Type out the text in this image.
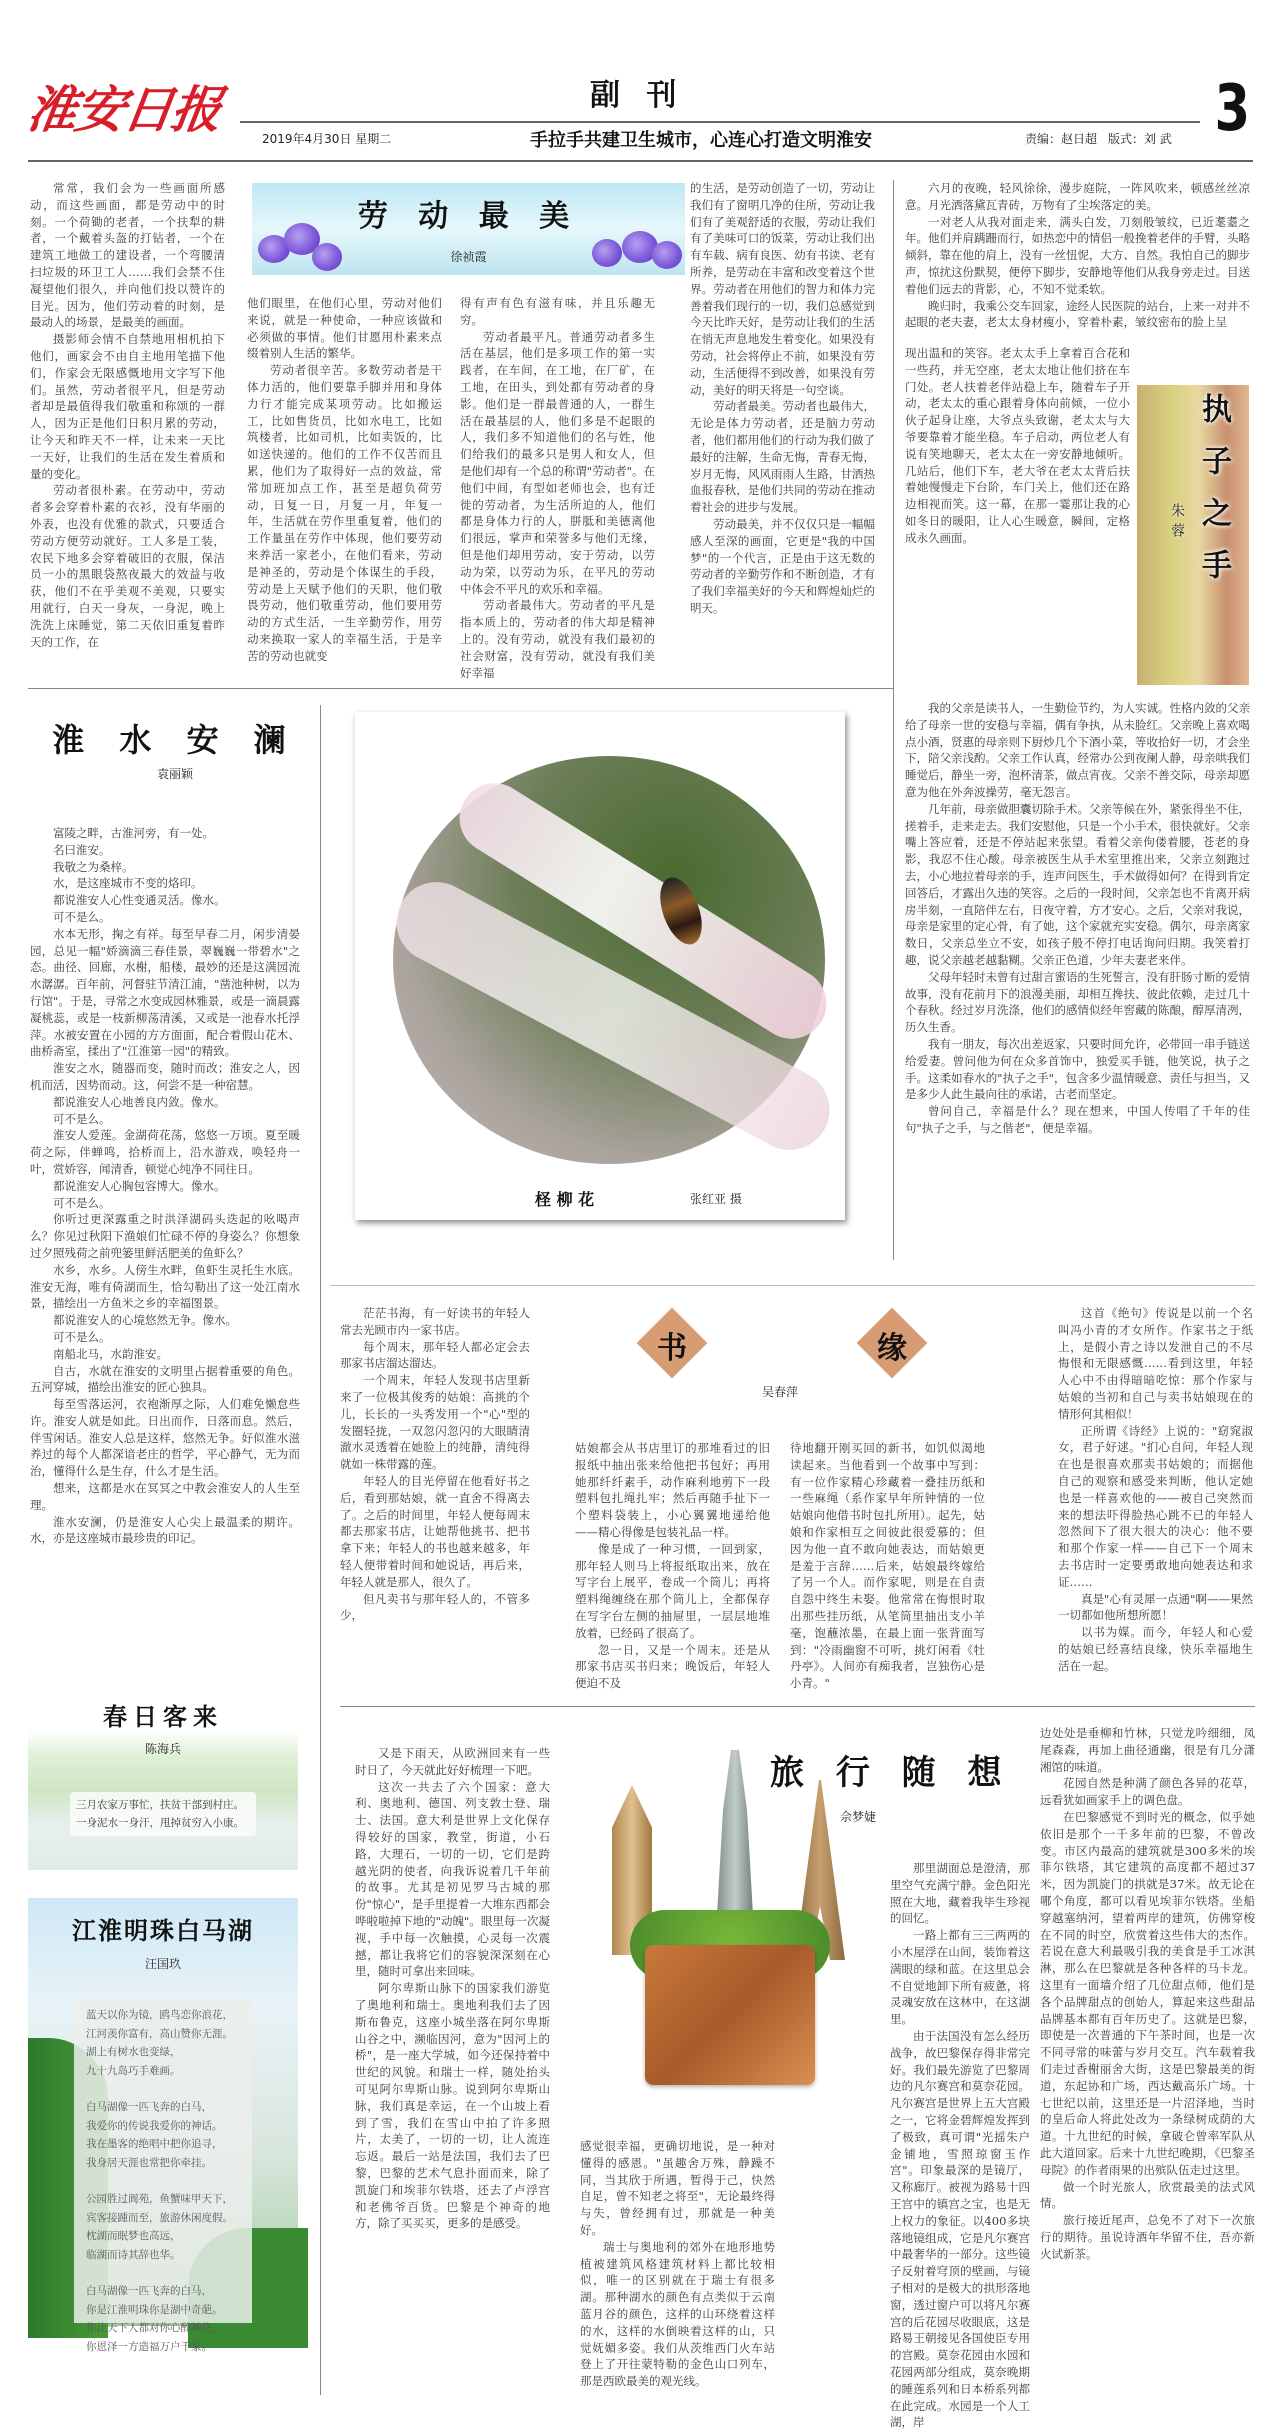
淮安日报	副 刊
2019年4月30日 星期二	手拉手共建卫生城市，心连心打造文明淮安	责编：赵日超 版式：刘 武 3

常常，我们会为一些画面所感动，而这些画面，都是劳动中的时刻。一个荷锄的老者，一个扶犁的耕者，一个戴着头盔的打钻者，一个在建筑工地做工的建设者，一个弯腰清扫垃圾的环卫工人……我们会禁不住凝望他们很久，并向他们投以赞许的目光。因为，他们劳动着的时刻，是最动人的场景，是最美的画面。

摄影师会情不自禁地用相机拍下他们，画家会不由自主地用笔描下他们，作家会无限感慨地用文字写下他们。虽然，劳动者很平凡，但是劳动者却是最值得我们敬重和称颂的一群人，因为正是他们日积月累的劳动，让今天和昨天不一样，让未来一天比一天好，让我们的生活在发生着质和量的变化。

劳动者很朴素。在劳动中，劳动者多会穿着朴素的衣衫，没有华丽的外表，也没有优雅的款式，只要适合劳动方便劳动就好。工人多是工装，农民下地多会穿着破旧的衣服，保洁员一小的黑眼袋熬夜最大的效益与收获，他们不在乎美观不美观，只要实用就行，白天一身灰，一身泥，晚上洗洗上床睡觉，第二天依旧重复着昨天的工作，在

劳 动 最 美
徐祯霞

他们眼里，在他们心里，劳动对他们来说，就是一种使命，一种应该做和必须做的事情。他们甘愿用朴素来点缀着别人生活的繁华。

劳动者很辛苦。多数劳动者是干体力活的，他们要靠手脚并用和身体力行才能完成某项劳动。比如搬运工，比如售货员，比如水电工，比如筑楼者，比如司机，比如卖饭的，比如送快递的。他们的工作不仅苦而且累，他们为了取得好一点的效益，常常加班加点工作，甚至是超负荷劳动，日复一日，月复一月，年复一年，生活就在劳作里重复着，他们的工作量虽在劳作中体现，他们要劳动来养活一家老小，在他们看来，劳动是神圣的，劳动是个体谋生的手段，劳动是上天赋予他们的天职，他们敬畏劳动，他们敬重劳动，他们要用劳动的方式生活，一生辛勤劳作，用劳动来换取一家人的幸福生活，于是辛苦的劳动也就变

得有声有色有滋有味，并且乐趣无穷。

劳动者最平凡。普通劳动者多生活在基层，他们是多项工作的第一实践者，在车间，在工地，在厂矿，在工地，在田头，到处都有劳动者的身影。他们是一群最普通的人，一群生活在最基层的人，他们多是不起眼的人，我们多不知道他们的名与姓，他们给我们的最多只是男人和女人，但是他们却有一个总的称谓"劳动者"。在他们中间，有型如老师也会，也有迁徙的劳动者，为生活所迫的人，他们都是身体力行的人，胼胝和美德离他们很远，掌声和荣誉多与他们无缘，但是他们却用劳动，安于劳动，以劳动为荣，以劳动为乐，在平凡的劳动中体会不平凡的欢乐和幸福。

劳动者最伟大。劳动者的平凡是指本质上的，劳动者的伟大却是精神上的。没有劳动，就没有我们最初的社会财富，没有劳动，就没有我们美好幸福

的生活，是劳动创造了一切，劳动让我们有了窗明几净的住所，劳动让我们有了美观舒适的衣服，劳动让我们有了美味可口的饭菜，劳动让我们出有车载、病有良医、幼有书读、老有所养，是劳动在丰富和改变着这个世界。劳动者在用他们的智力和体力完善着我们现行的一切，我们总感觉到今天比昨天好，是劳动让我们的生活在悄无声息地发生着变化。如果没有劳动，社会将停止不前，如果没有劳动，生活便得不到改善，如果没有劳动，美好的明天将是一句空谈。

劳动者最美。劳动者也最伟大，无论是体力劳动者，还是脑力劳动者，他们都用他们的行动为我们做了最好的注解，生命无悔，青春无悔，岁月无悔，风风雨雨人生路，甘洒热血报春秋，是他们共同的劳动在推动着社会的进步与发展。

劳动最美，并不仅仅只是一幅幅感人至深的画面，它更是"我的中国梦"的一个代言，正是由于这无数的劳动者的辛勤劳作和不断创造，才有了我们幸福美好的今天和辉煌灿烂的明天。

六月的夜晚，轻风徐徐，漫步庭院，一阵风吹来，顿感丝丝凉意。月光洒落黛瓦青砖，万物有了尘埃落定的美。

一对老人从我对面走来，满头白发，刀刻般皱纹，已近耄耋之年。他们并肩蹒跚而行，如热恋中的情侣一般挽着老伴的手臂，头略倾斜，靠在他的肩上，没有一丝忸怩，大方、自然。我怕自己的脚步声，惊扰这份默契，便停下脚步，安静地等他们从我身旁走过。目送着他们远去的背影，心，不知不觉柔软。

晚归时，我乘公交车回家，途经人民医院的站台，上来一对并不起眼的老夫妻，老太太身材瘦小，穿着朴素，皱纹密布的脸上呈

现出温和的笑容。老太太手上拿着百合花和一些药，并无空座，老太太地让他们挤在车门处。老人扶着老伴站稳上车，随着车子开动，老太太的重心跟着身体向前倾，一位小伙子起身让座，大爷点头致谢，老太太与大爷要靠着才能坐稳。车子启动，两位老人有说有笑地聊天，老太太在一旁安静地倾听。几站后，他们下车，老大爷在老太太背后扶着她慢慢走下台阶，车门关上，他们还在路边相视而笑。这一幕，在那一霎那让我的心如冬日的暖阳，让人心生暖意，瞬间，定格成永久画面。	执子之手
朱蓉

我的父亲是读书人，一生勤俭节约，为人实诚。性格内敛的父亲给了母亲一世的安稳与幸福，偶有争执，从未脸红。父亲晚上喜欢喝点小酒，贤惠的母亲则下厨炒几个下酒小菜，等收拾好一切，才会坐下，陪父亲浅酌。父亲工作认真，经常办公到夜阑人静，母亲哄我们睡觉后，静坐一旁，泡杯清茶，做点宵夜。父亲不善交际，母亲却愿意为他在外奔波操劳，毫无怨言。

几年前，母亲做胆囊切除手术。父亲等候在外，紧张得坐不住，搓着手，走来走去。我们安慰他，只是一个小手术，很快就好。父亲嘴上答应着，还是不停站起来张望。看着父亲佝偻着腰，苍老的身影，我忍不住心酸。母亲被医生从手术室里推出来，父亲立刻跑过去，小心地拉着母亲的手，连声问医生，手术做得如何？在得到肯定回答后，才露出久违的笑容。之后的一段时间，父亲怎也不肯离开病房半刻，一直陪伴左右，日夜守着，方才安心。之后，父亲对我说，母亲是家里的定心骨，有了她，这个家就充实安稳。偶尔，母亲离家数日，父亲总坐立不安，如孩子般不停打电话询问归期。我笑着打趣，说父亲越老越黏糊。父亲正色道，少年夫妻老来伴。

父母年轻时未曾有过甜言蜜语的生死誓言，没有肝肠寸断的爱情故事，没有花前月下的浪漫美丽，却相互搀扶、彼此依赖，走过几十个春秋。经过岁月洗涤，他们的感情似经年窖藏的陈酿，醇厚清冽，历久生香。

我有一朋友，每次出差返家，只要时间允许，必带回一串手链送给爱妻。曾问他为何在众多首饰中，独爱买手链，他笑说，执子之手。这柔如春水的"执子之手"，包含多少温情暖意、责任与担当，又是多少人此生最向往的承诺，古老而坚定。

曾问自己，幸福是什么？现在想来，中国人传唱了千年的佳句"执子之手，与之偕老"，便是幸福。

淮 水 安 澜
袁丽颖

富陵之畔，古淮河旁，有一处。

名曰淮安。

我敬之为桑梓。

水，是这座城市不变的烙印。

都说淮安人心性变通灵活。像水。

可不是么。

水本无形，掬之有祥。每至早春二月，闲步清晏园，总见一幅"娇滴滴三春佳景，翠巍巍一带碧水"之态。曲径、回廊，水榭，船楼，最妙的还是这满园流水潺潺。百年前，河督驻节清江浦，"凿池种树，以为行馆"。于是，寻常之水变成园林雅景，或是一滴晨露凝桃蕊，或是一枝新柳荡清溪，又或是一池春水托浮萍。水被安置在小园的方方面面，配合着假山花木、曲桥斋室，揉出了"江淮第一园"的精致。

淮安之水，随器而变，随时而改；淮安之人，因机而活，因势而动。这，何尝不是一种宿慧。

都说淮安人心地善良内敛。像水。

可不是么。

淮安人爱莲。金湖荷花荡，悠悠一万顷。夏至暖荷之际，伴蝉鸣，拾桥而上，沿水游戏，唤轻舟一叶，赏娇容，闻清香，顿觉心纯净不同往日。

都说淮安人心胸包容博大。像水。

可不是么。

你听过更深露重之时洪泽湖码头迭起的吆喝声么？你见过秋阳下渔娘们忙碌不停的身姿么？你想象过夕照残荷之前兜篓里鲜活肥美的鱼虾么？

水乡，水乡。人傍生水畔，鱼虾生灵托生水底。淮安无海，唯有倚湖而生，恰勾勒出了这一处江南水景，描绘出一方鱼米之乡的幸福图景。

都说淮安人的心境悠然无争。像水。

可不是么。

南船北马，水韵淮安。

自古，水就在淮安的文明里占据着重要的角色。五河穿城，描绘出淮安的匠心独具。

每至雪落运河，衣袍渐厚之际，人们难免懒怠些许。淮安人就是如此。日出而作，日落而息。然后，伴雪闲话。淮安人总是这样，悠然无争。好似淮水滋养过的每个人都深谙老庄的哲学，平心静气，无为而治，懂得什么是生存，什么才是生活。

想来，这都是水在冥冥之中教会淮安人的人生至理。

淮水安澜，仍是淮安人心尖上最温柔的期许。水，亦是这座城市最珍贵的印记。

柽 柳 花	张红亚 摄

茫茫书海，有一好读书的年轻人常去光顾市内一家书店。

每个周末，那年轻人都必定会去那家书店溜达溜达。

一个周末，年轻人发现书店里新来了一位极其俊秀的姑娘：高挑的个儿，长长的一头秀发用一个"心"型的发圈轻拢，一双忽闪忽闪的大眼睛清澈水灵透着在她脸上的纯静，清纯得就如一株带露的莲。

年轻人的目光停留在他看好书之后，看到那姑娘，就一直舍不得离去了。之后的时间里，年轻人便每周末都去那家书店，让她帮他挑书、把书拿下来；年轻人的书也越来越多，年轻人便带着时间和她说话，再后来，年轻人就是那人，很久了。

但凡卖书与那年轻人的，不管多少，

书	缘
吴春萍

姑娘都会从书店里订的那堆看过的旧报纸中抽出张来给他把书包好；再用她那纤纤素手，动作麻利地剪下一段塑料包扎绳扎牢；然后再随手扯下一个塑料袋装上，小心翼翼地递给他——精心得像是包装礼品一样。

像是成了一种习惯，一回到家，那年轻人则马上将报纸取出来，放在写字台上展平，卷成一个筒儿；再将塑料绳缠绕在那个筒儿上，全都保存在写字台左侧的抽屉里，一层层地堆放着，已经码了很高了。

忽一日，又是一个周末。还是从那家书店买书归来；晚饭后，年轻人便迫不及

待地翻开刚买回的新书，如饥似渴地读起来。当他看到一个故事中写到：有一位作家精心珍藏着一叠挂历纸和一些麻绳（系作家早年所钟情的一位姑娘向他借书时包扎所用）。起先，姑娘和作家相互之间彼此很爱慕的；但因为他一直不敢向她表达，而姑娘更是羞于言辞……后来，姑娘最终嫁给了另一个人。而作家呢，则是在自责自怨中终生未娶。他常常在悔恨时取出那些挂历纸，从笔筒里抽出支小羊毫，饱蘸浓墨，在最上面一张背面写到："冷雨幽窗不可听，挑灯闲看《牡丹亭》。人间亦有痴我者，岂独伤心是小青。"

这首《绝句》传说是以前一个名叫冯小青的才女所作。作家书之于纸上，是假小青之诗以发泄自己的不尽悔恨和无限感慨……看到这里，年轻人心中不由得暗暗吃惊：那个作家与姑娘的当初和自己与卖书姑娘现在的情形何其相似！

正所谓《诗经》上说的："窈窕淑女，君子好逑。"扪心自问，年轻人现在也是很喜欢那卖书姑娘的；而据他自己的观察和感受来判断，他认定她也是一样喜欢他的——被自己突然而来的想法吓得脸热心跳不已的年轻人忽然间下了很大很大的决心：他不要和那个作家一样——自己下一个周末去书店时一定要勇敢地向她表达和求证……

真是"心有灵犀一点通"啊——果然一切都如他所想所愿！

以书为媒。而今，年轻人和心爱的姑娘已经喜结良缘，快乐幸福地生活在一起。

春日客来
陈海兵
三月农家万事忙，扶贫干部到村庄。
一身泥水一身汗，甩掉贫穷入小康。
江淮明珠白马湖
汪国玖
蓝天以你为镜，鸥鸟恋你浪花，
江河羡你富有，高山赞你无涯。
湖上有树水也变绿，
九十九岛巧手难画。
白马湖像一匹飞奔的白马，
我爱你的传说我爱你的神话。
我在墨客的绝唱中把你追寻，
我身居天涯也常把你牵挂。
公园胜过阆苑，鱼蟹味甲天下，
宾客接踵而至，旅游休闲度假。
枕湖而眠梦也高远，
临湖而诗其辞也华。
白马湖像一匹飞奔的白马，
你是江淮明珠你是湖中奇葩。
你让天下人都对你心醉神往，
你恩泽一方造福万户千家。

又是下雨天，从欧洲回来有一些时日了，今天就此好好梳理一下吧。

这次一共去了六个国家：意大利、奥地利、德国、列支敦士登、瑞士、法国。意大利是世界上文化保存得较好的国家，教堂，街道，小石路，大理石，一切的一切，它们是跨越光阴的使者，向我诉说着几千年前的故事。尤其是初见罗马古城的那份"惊心"，是手里提着一大堆东西都会哗啦啦掉下地的"动魄"。眼里每一次凝视，手中每一次触摸，心灵每一次震撼，都让我将它们的容貌深深刻在心里，随时可拿出来回味。

阿尔卑斯山脉下的国家我们游览了奥地利和瑞士。奥地利我们去了因斯布鲁克，这座小城坐落在阿尔卑斯山谷之中，濒临因河，意为"因河上的桥"，是一座大学城，如今还保持着中世纪的风貌。和瑞士一样，随处抬头可见阿尔卑斯山脉。说到阿尔卑斯山脉，我们真是幸运，在一个山坡上看到了雪，我们在雪山中拍了许多照片，太美了，一切的一切，让人流连忘返。最后一站是法国，我们去了巴黎，巴黎的艺术气息扑面而来，除了凯旋门和埃菲尔铁塔，还去了卢浮宫和老佛爷百货。巴黎是个神奇的地方，除了买买买，更多的是感受。

旅 行 随 想
佘梦婕

感觉很幸福，更确切地说，是一种对懂得的感恩。"虽趣舍万殊，静躁不同，当其欣于所遇，暂得于己，快然自足，曾不知老之将至"，无论最终得与失，曾经拥有过，那就是一种美好。

瑞士与奥地利的郊外在地形地势植被建筑风格建筑材料上都比较相似，唯一的区别就在于瑞士有很多湖。那种湖水的颜色有点类似于云南蓝月谷的颜色，这样的山环绕着这样的水，这样的水倒映着这样的山，只觉妩媚多姿。我们从茨维西门火车站登上了开往蒙特勒的金色山口列车，那是西欧最美的观光线。

那里湖面总是澄清，那里空气充满宁静。金色阳光照在大地，藏着我毕生珍视的回忆。

一路上都有三三两两的小木屋浮在山间，装饰着这满眼的绿和蓝。在这里总会不自觉地卸下所有疲惫，将灵魂安放在这林中，在这湖里。

由于法国没有怎么经历战争，故巴黎保存得非常完好。我们最先游览了巴黎周边的凡尔赛宫和莫奈花园。凡尔赛宫是世界上五大宫殿之一，它将金碧辉煌发挥到了极致，真可谓"光摇朱户金铺地，雪照琼窗玉作宫"。印象最深的是镜厅，又称廊厅。被视为路易十四王宫中的镇宫之宝，也是无上权力的象征。以400多块落地镜组成，它是凡尔赛宫中最奢华的一部分。这些镜子反射着穹顶的壁画，与镜子相对的是极大的拱形落地窗，透过窗户可以将凡尔赛宫的后花园尽收眼底，这是路易王朝接见各国使臣专用的宫殿。莫奈花园由水园和花园两部分组成，莫奈晚期的睡莲系列和日本桥系列都在此完成。水园是一个人工湖，岸

边处处是垂柳和竹林，只觉龙吟细细，凤尾森森，再加上曲径通幽，很是有几分潇湘馆的味道。

花园自然是种满了颜色各异的花草，远看犹如画家手上的调色盘。

在巴黎感觉不到时光的概念，似乎她依旧是那个一千多年前的巴黎，不曾改变。市区内最高的建筑就是300多米的埃菲尔铁塔，其它建筑的高度都不超过37米，因为凯旋门的拱就是37米。故无论在哪个角度，都可以看见埃菲尔铁塔。坐船穿越塞纳河，望着两岸的建筑，仿佛穿梭在不同的时空，欣赏着这些伟大的杰作。若说在意大利最吸引我的美食是手工冰淇淋，那么在巴黎就是各种各样的马卡龙。这里有一面墙介绍了几位甜点师，他们是各个品牌甜点的创始人，算起来这些甜品品牌基本都有百年历史了。这就是巴黎，即使是一次普通的下午茶时间，也是一次不同寻常的味蕾与岁月交互。汽车载着我们走过香榭丽舍大街，这是巴黎最美的街道，东起协和广场，西达戴高乐广场。十七世纪以前，这里还是一片沼泽地，当时的皇后命人将此处改为一条绿树成荫的大道。十九世纪的时候，拿破仑曾率军队从此大道回家。后来十九世纪晚期，《巴黎圣母院》的作者雨果的出殡队伍走过这里。

做一个时光旅人，欣赏最美的法式风情。

旅行接近尾声，总免不了对下一次旅行的期待。虽说诗酒年华留不住，吾亦新火试新茶。
